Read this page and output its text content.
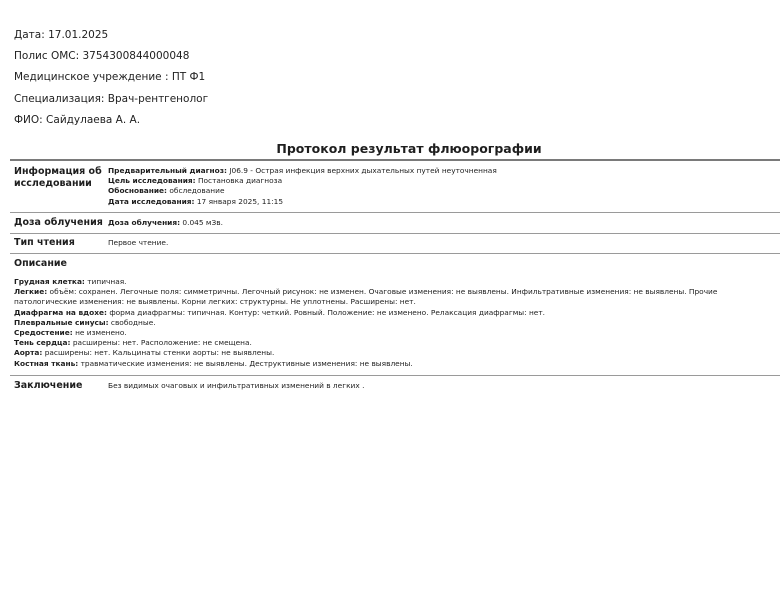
Дата: 17.01.2025
Полис ОМС: 3754300844000048
Медицинское учреждение : ПТ Ф1
Специализация: Врач-рентгенолог
ФИО: Сайдулаева А. А.
Протокол результат флюорографии
Информация об исследовании
Предварительный диагноз: J06.9 - Острая инфекция верхних дыхательных путей неуточненная
Цель исследования: Постановка диагноза
Обоснование: обследование
Дата исследования: 17 января 2025, 11:15
Доза облучения Доза облучения: 0.045 мЗв.
Тип чтения	Первое чтение.
Описание

Грудная клетка: типичная.

Легкие: объём: сохранен. Легочные поля: симметричны. Легочный рисунок: не изменен. Очаговые изменения: не выявлены. Инфильтративные изменения: не выявлены. Прочие патологические изменения: не выявлены. Корни легких: структурны. Не уплотнены. Расширены: нет.

Диафрагма на вдохе: форма диафрагмы: типичная. Контур: четкий. Ровный. Положение: не изменено. Релаксация диафрагмы: нет.

Плевральные синусы: свободные.

Средостение: не изменено.

Тень сердца: расширены: нет. Расположение: не смещена.

Аорта: расширены: нет. Кальцинаты стенки аорты: не выявлены.

Костная ткань: травматические изменения: не выявлены. Деструктивные изменения: не выявлены.

Заключение	Без видимых очаговых и инфильтративных изменений в легких .
